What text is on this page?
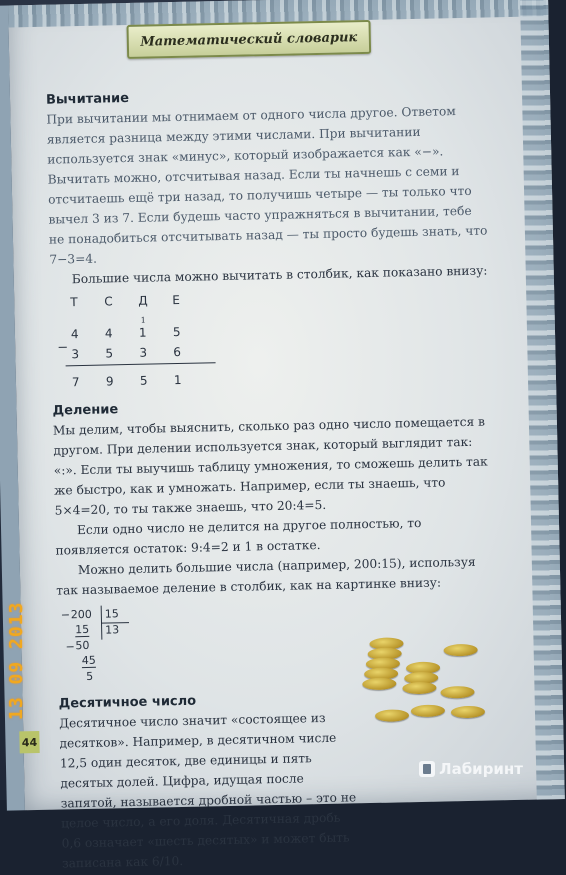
Математический словарик
Вычитание

При вычитании мы отнимаем от одного числа другое. Ответом является разница между этими числами. При вычитании используется знак «минус», который изображается как «−». Вычитать можно, отсчитывая назад. Если ты начнешь с семи и отсчитаешь ещё три назад, то получишь четыре — ты только что вычел 3 из 7. Если будешь часто упражняться в вычитании, тебе не понадобиться отсчитывать назад — ты просто будешь знать, что 7−3=4.

Большие числа можно вычитать в столбик, как показано внизу:

Т	С	Д	Е
1
4	4	1	5
− 3	5	3	6
7	9	5	1
Деление

Мы делим, чтобы выяснить, сколько раз одно число помещается в другом. При делении используется знак, который выглядит так: «:». Если ты выучишь таблицу умножения, то сможешь делить так же быстро, как и умножать. Например, если ты знаешь, что 5×4=20, то ты также знаешь, что 20:4=5.

Если одно число не делится на другое полностью, то появляется остаток: 9:4=2 и 1 в остатке.

Можно делить большие числа (например, 200:15), используя так называемое деление в столбик, как на картинке внизу:

− 200 15
13
15
− 50
45
5
Десятичное число

Десятичное число значит «состоящее из десятков». Например, в десятичном числе 12,5 один десяток, две единицы и пять десятых долей. Цифра, идущая после запятой, называется дробной частью – это не целое число, а его доля. Десятичная дробь 0,6 означает «шесть десятых» и может быть записана как 6/10.

44
13 09 2013
Лабиринт
